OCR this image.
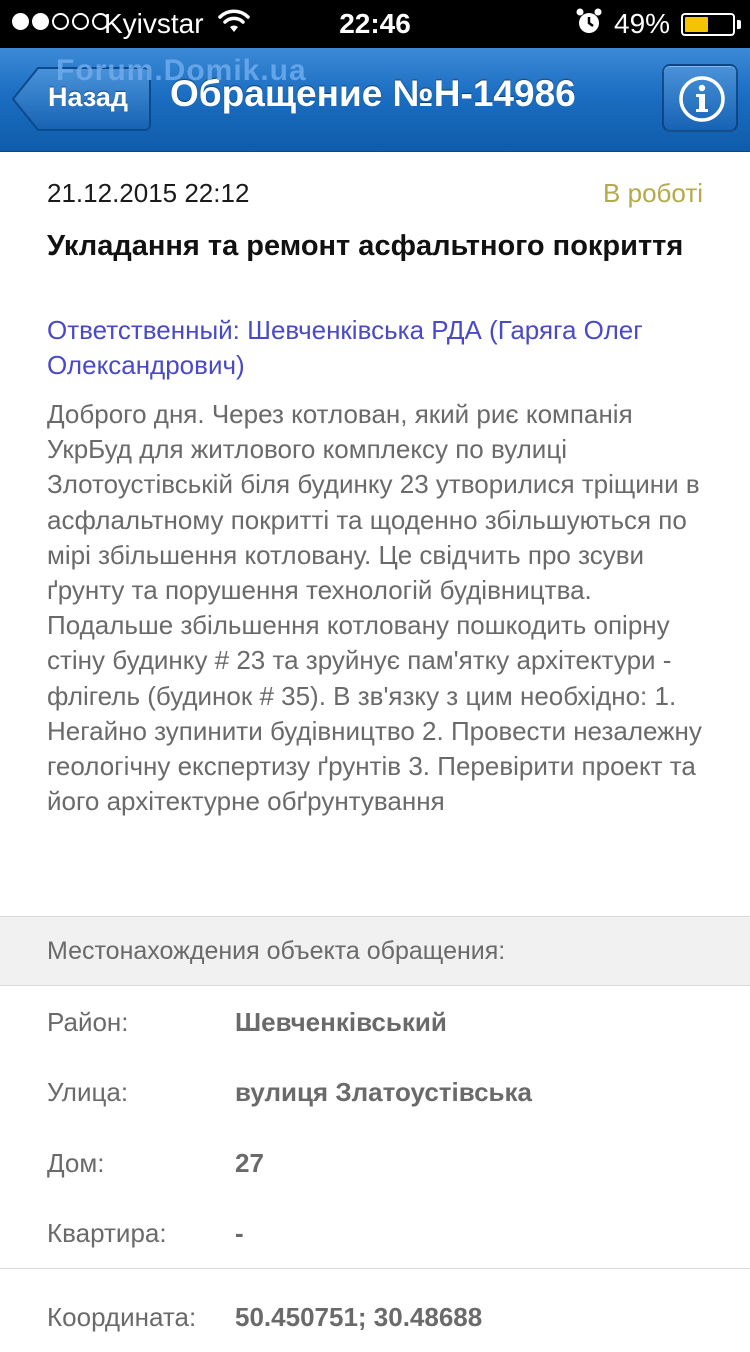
Kyivstar	22:46	49%
Назад Обращение №Н-14986
Forum.Domik.ua
21.12.2015 22:12	В роботі
Укладання та ремонт асфальтного покриття
Ответственный: Шевченківська РДА (Гаряга Олег Олександрович)
Доброго дня. Через котлован, який риє компанія УкрБуд для житлового комплексу по вулиці Злотоустівській біля будинку 23 утворилися тріщини в асфлальтному покритті та щоденно збільшуються по мірі збільшення котловану. Це свідчить про зсуви ґрунту та порушення технологій будівництва. Подальше збільшення котловану пошкодить опірну стіну будинку # 23 та зруйнує пам'ятку архітектури - флігель (будинок # 35). В зв'язку з цим необхідно: 1. Негайно зупинити будівництво 2. Провести незалежну геологічну експертизу ґрунтів 3. Перевірити проект та його архітектурне обґрунтування
Местонахождения объекта обращения:
Район:	Шевченківський
Улица:	вулиця Златоустівська
Дом:	27
Квартира:	-
Координата: 50.450751; 30.48688
